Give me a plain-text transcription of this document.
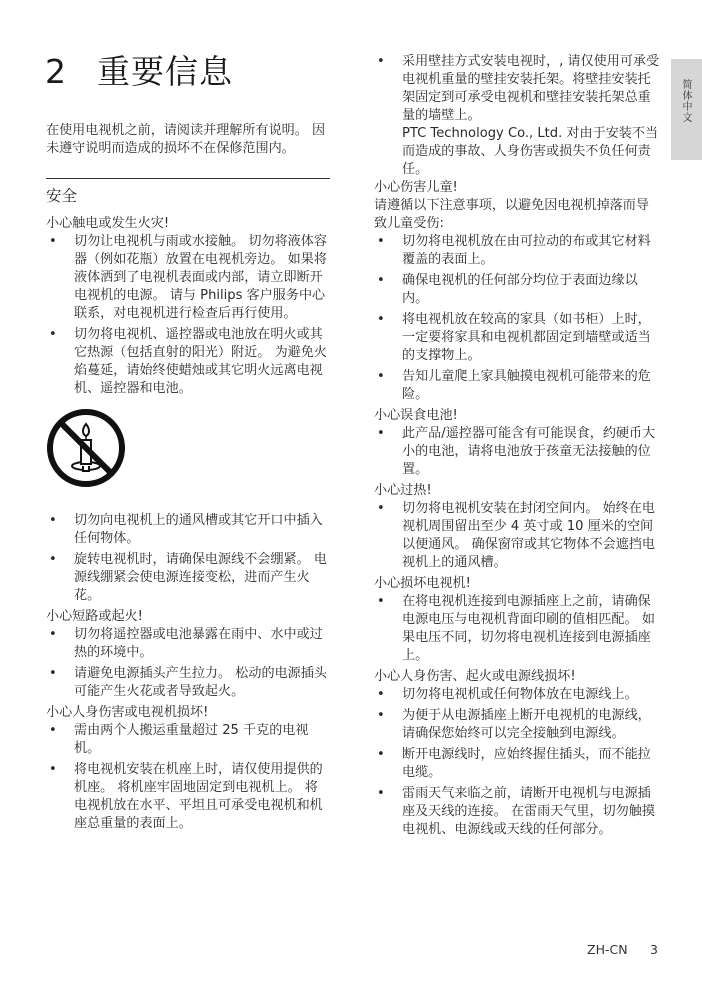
2 重要信息
简体中文

在使用电视机之前，请阅读并理解所有说明。 因未遵守说明而造成的损坏不在保修范围内。

安全

小心触电或发生火灾!

• 切勿让电视机与雨或水接触。 切勿将液体容器（例如花瓶）放置在电视机旁边。 如果将液体洒到了电视机表面或内部，请立即断开电视机的电源。 请与 Philips 客户服务中心联系，对电视机进行检查后再行使用。
• 切勿将电视机、遥控器或电池放在明火或其它热源（包括直射的阳光）附近。 为避免火焰蔓延，请始终使蜡烛或其它明火远离电视机、遥控器和电池。
• 切勿向电视机上的通风槽或其它开口中插入任何物体。
• 旋转电视机时，请确保电源线不会绷紧。 电源线绷紧会使电源连接变松，进而产生火花。

小心短路或起火!

• 切勿将遥控器或电池暴露在雨中、水中或过热的环境中。
• 请避免电源插头产生拉力。 松动的电源插头可能产生火花或者导致起火。

小心人身伤害或电视机损坏!

• 需由两个人搬运重量超过 25 千克的电视机。
• 将电视机安装在机座上时，请仅使用提供的机座。 将机座牢固地固定到电视机上。 将电视机放在水平、平坦且可承受电视机和机座总重量的表面上。
• 采用壁挂方式安装电视时，, 请仅使用可承受电视机重量的壁挂安装托架。将壁挂安装托架固定到可承受电视机和壁挂安装托架总重量的墙壁上。

PTC Technology Co., Ltd. 对由于安装不当而造成的事故、人身伤害或损失不负任何责任。

小心伤害儿童!

请遵循以下注意事项，以避免因电视机掉落而导致儿童受伤:

• 切勿将电视机放在由可拉动的布或其它材料覆盖的表面上。
• 确保电视机的任何部分均位于表面边缘以内。
• 将电视机放在较高的家具（如书柜）上时，一定要将家具和电视机都固定到墙壁或适当的支撑物上。
• 告知儿童爬上家具触摸电视机可能带来的危险。

小心误食电池!

• 此产品/遥控器可能含有可能误食，约硬币大小的电池，请将电池放于孩童无法接触的位置。

小心过热!

• 切勿将电视机安装在封闭空间内。 始终在电视机周围留出至少 4 英寸或 10 厘米的空间以便通风。 确保窗帘或其它物体不会遮挡电视机上的通风槽。

小心损坏电视机!

• 在将电视机连接到电源插座上之前，请确保电源电压与电视机背面印刷的值相匹配。 如果电压不同，切勿将电视机连接到电源插座上。

小心人身伤害、起火或电源线损坏!

• 切勿将电视机或任何物体放在电源线上。
• 为便于从电源插座上断开电视机的电源线，请确保您始终可以完全接触到电源线。
• 断开电源线时，应始终握住插头，而不能拉电缆。
• 雷雨天气来临之前，请断开电视机与电源插座及天线的连接。 在雷雨天气里，切勿触摸电视机、电源线或天线的任何部分。
ZH-CN 3
